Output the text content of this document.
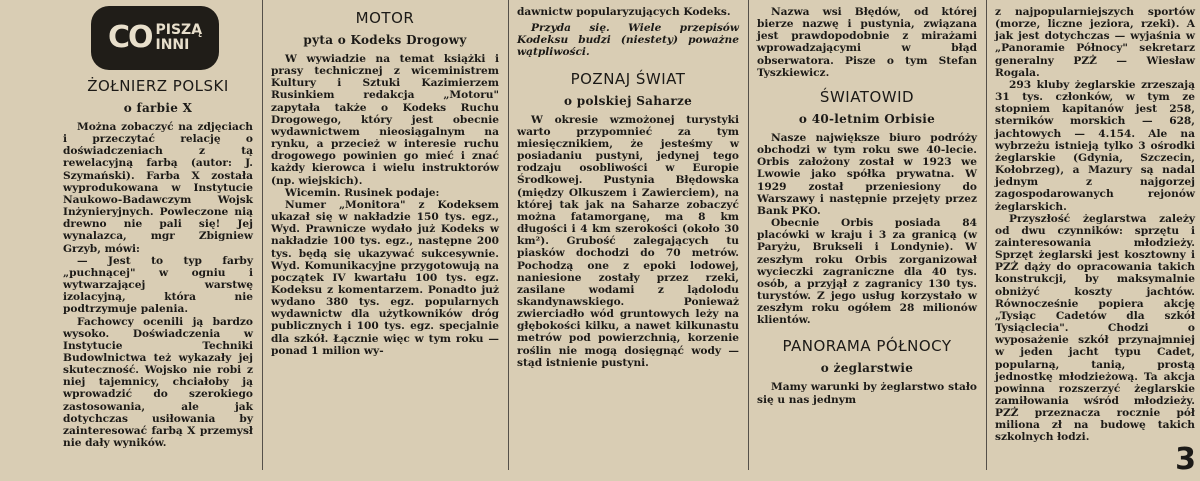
CO PISZĄ
INNI
ŻOŁNIERZ POLSKI
o farbie X

Można zobaczyć na zdjęciach i przeczytać relację o doświadczeniach z tą rewelacyjną farbą (autor: J. Szymański). Farba X została wyprodukowana w Instytucie Naukowo-Badawczym Wojsk Inżynieryjnych. Powleczone nią drewno nie pali się! Jej wynalazca, mgr Zbigniew Grzyb, mówi:

— Jest to typ farby „puchnącej" w ogniu i wytwarzającej warstwę izolacyjną, która nie podtrzymuje palenia.

Fachowcy ocenili ją bardzo wysoko. Doświadczenia w Instytucie Techniki Budowlnictwa też wykazały jej skuteczność. Wojsko nie robi z niej tajemnicy, chciałoby ją wprowadzić do szerokiego zastosowania, ale jak dotychczas usiłowania by zainteresować farbą X przemysł nie dały wyników.

MOTOR
pyta o Kodeks Drogowy

W wywiadzie na temat książki i prasy technicznej z wiceministrem Kultury i Sztuki Kazimierzem Rusinkiem redakcja „Motoru" zapytała także o Kodeks Ruchu Drogowego, który jest obecnie wydawnictwem nieosiągalnym na rynku, a przecież w interesie ruchu drogowego powinien go mieć i znać każdy kierowca i wielu instruktorów (np. wiejskich).

Wicemin. Rusinek podaje:

Numer „Monitora" z Kodeksem ukazał się w nakładzie 150 tys. egz., Wyd. Prawnicze wydało już Kodeks w nakładzie 100 tys. egz., następne 200 tys. będą się ukazywać sukcesywnie. Wyd. Komunikacyjne przygotowują na początek IV kwartału 100 tys. egz. Kodeksu z komentarzem. Ponadto już wydano 380 tys. egz. popularnych wydawnictw dla użytkowników dróg publicznych i 100 tys. egz. specjalnie dla szkół. Łącznie więc w tym roku — ponad 1 milion wy-

dawnictw popularyzujących Kodeks.

Przyda się. Wiele przepisów Kodeksu budzi (niestety) poważne wątpliwości.

POZNAJ ŚWIAT
o polskiej Saharze

W okresie wzmożonej turystyki warto przypomnieć za tym miesięcznikiem, że jesteśmy w posiadaniu pustyni, jedynej tego rodzaju osobliwości w Europie Środkowej. Pustynia Błędowska (między Olkuszem i Zawierciem), na której tak jak na Saharze zobaczyć można fatamorganę, ma 8 km długości i 4 km szerokości (około 30 km²). Grubość zalegających tu piasków dochodzi do 70 metrów. Pochodzą one z epoki lodowej, naniesione zostały przez rzeki, zasilane wodami z lądolodu skandynawskiego. Ponieważ zwierciadło wód gruntowych leży na głębokości kilku, a nawet kilkunastu metrów pod powierzchnią, korzenie roślin nie mogą dosięgnąć wody — stąd istnienie pustyni.

Nazwa wsi Błędów, od której bierze nazwę i pustynia, związana jest prawdopodobnie z mirażami wprowadzającymi w błąd obserwatora. Pisze o tym Stefan Tyszkiewicz.

ŚWIATOWID
o 40-letnim Orbisie

Nasze największe biuro podróży obchodzi w tym roku swe 40-lecie. Orbis założony został w 1923 we Lwowie jako spółka prywatna. W 1929 został przeniesiony do Warszawy i następnie przejęty przez Bank PKO.

Obecnie Orbis posiada 84 placówki w kraju i 3 za granicą (w Paryżu, Brukseli i Londynie). W zeszłym roku Orbis zorganizował wycieczki zagraniczne dla 40 tys. osób, a przyjął z zagranicy 130 tys. turystów. Z jego usług korzystało w zeszłym roku ogółem 28 milionów klientów.

PANORAMA PÓŁNOCY
o żeglarstwie

Mamy warunki by żeglarstwo stało się u nas jednym

z najpopularniejszych sportów (morze, liczne jeziora, rzeki). A jak jest dotychczas — wyjaśnia w „Panoramie Północy" sekretarz generalny PZŻ — Wiesław Rogala.

293 kluby żeglarskie zrzeszają 31 tys. członków, w tym ze stopniem kapitanów jest 258, sterników morskich — 628, jachtowych — 4.154. Ale na wybrzeżu istnieją tylko 3 ośrodki żeglarskie (Gdynia, Szczecin, Kołobrzeg), a Mazury są nadal jednym z najgorzej zagospodarowanych rejonów żeglarskich.

Przyszłość żeglarstwa zależy od dwu czynników: sprzętu i zainteresowania młodzieży. Sprzęt żeglarski jest kosztowny i PZŻ dąży do opracowania takich konstrukcji, by maksymalnie obniżyć koszty jachtów. Równocześnie popiera akcję „Tysiąc Cadetów dla szkół Tysiąclecia". Chodzi o wyposażenie szkół przynajmniej w jeden jacht typu Cadet, popularną, tanią, prostą jednostkę młodzieżową. Ta akcja powinna rozszerzyć żeglarskie zamiłowania wśród młodzieży. PZŻ przeznacza rocznie pół miliona zł na budowę takich szkolnych łodzi.

3
